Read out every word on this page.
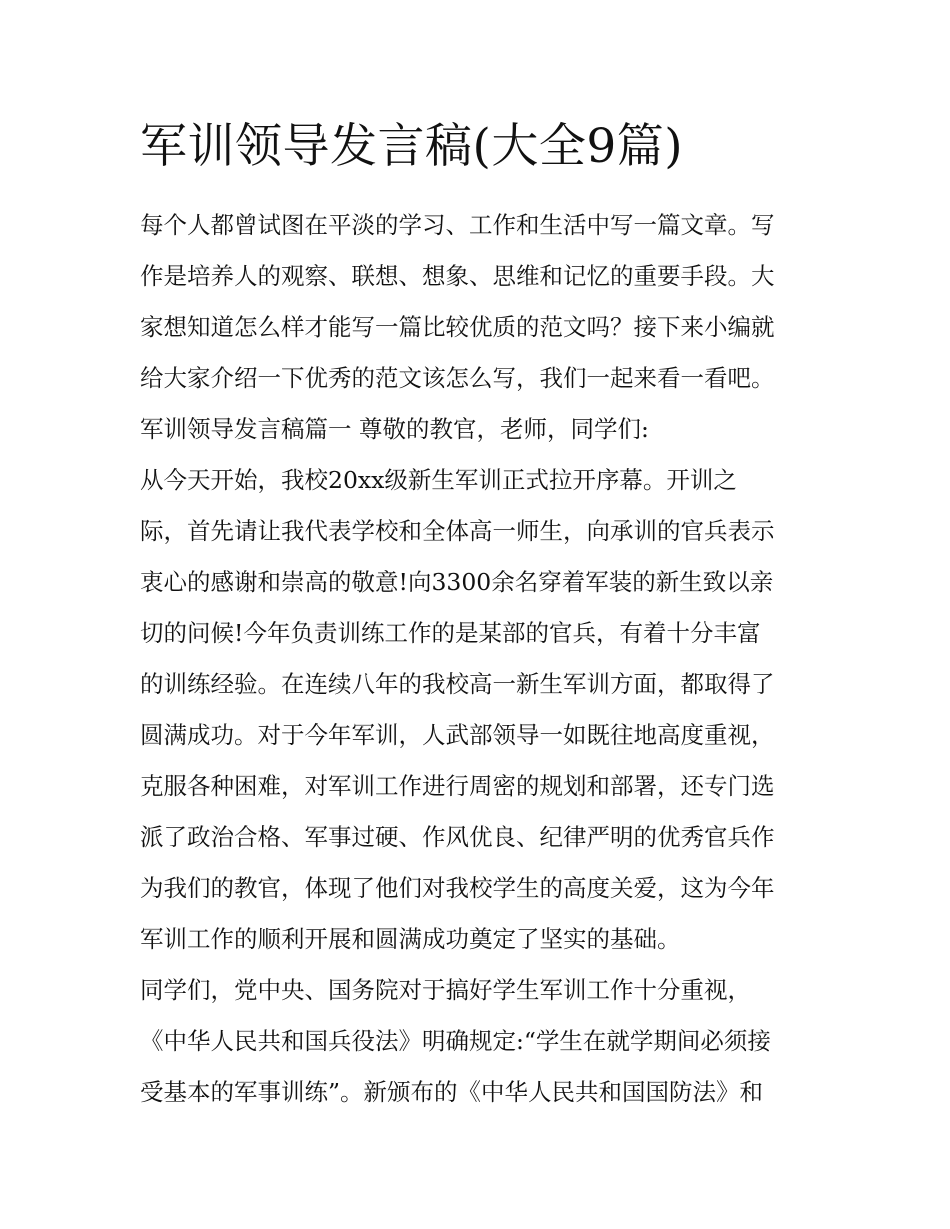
军训领导发言稿(大全9篇)
每个人都曾试图在平淡的学习、工作和生活中写一篇文章。写
作是培养人的观察、联想、想象、思维和记忆的重要手段。大
家想知道怎么样才能写一篇比较优质的范文吗？接下来小编就
给大家介绍一下优秀的范文该怎么写，我们一起来看一看吧。
军训领导发言稿篇一 尊敬的教官，老师，同学们:
从今天开始，我校20xx级新生军训正式拉开序幕。开训之
际，首先请让我代表学校和全体高一师生，向承训的官兵表示
衷心的感谢和崇高的敬意!向3300余名穿着军装的新生致以亲
切的问候!今年负责训练工作的是某部的官兵，有着十分丰富
的训练经验。在连续八年的我校高一新生军训方面，都取得了
圆满成功。对于今年军训，人武部领导一如既往地高度重视，
克服各种困难，对军训工作进行周密的规划和部署，还专门选
派了政治合格、军事过硬、作风优良、纪律严明的优秀官兵作
为我们的教官，体现了他们对我校学生的高度关爱，这为今年
军训工作的顺利开展和圆满成功奠定了坚实的基础。
同学们，党中央、国务院对于搞好学生军训工作十分重视，
《中华人民共和国兵役法》明确规定:“学生在就学期间必须接
受基本的军事训练”。新颁布的《中华人民共和国国防法》和
